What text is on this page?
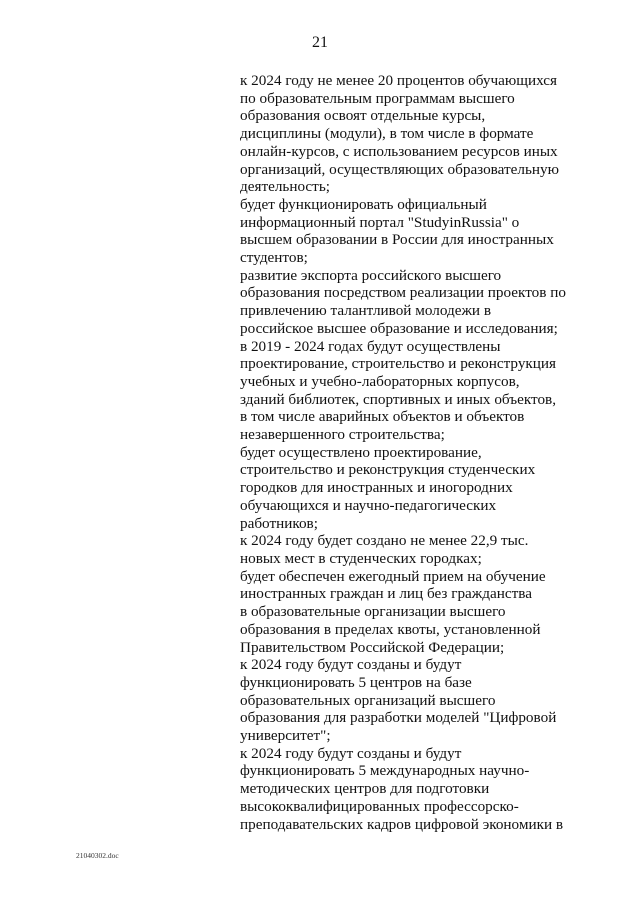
21
к 2024 году не менее 20 процентов обучающихся
по образовательным программам высшего
образования освоят отдельные курсы,
дисциплины (модули), в том числе в формате
онлайн-курсов, с использованием ресурсов иных
организаций, осуществляющих образовательную
деятельность;
будет функционировать официальный
информационный портал "StudyinRussia" о
высшем образовании в России для иностранных
студентов;
развитие экспорта российского высшего
образования посредством реализации проектов по
привлечению талантливой молодежи в
российское высшее образование и исследования;
в 2019 - 2024 годах будут осуществлены
проектирование, строительство и реконструкция
учебных и учебно-лабораторных корпусов,
зданий библиотек, спортивных и иных объектов,
в том числе аварийных объектов и объектов
незавершенного строительства;
будет осуществлено проектирование,
строительство и реконструкция студенческих
городков для иностранных и иногородних
обучающихся и научно-педагогических
работников;
к 2024 году будет создано не менее 22,9 тыс.
новых мест в студенческих городках;
будет обеспечен ежегодный прием на обучение
иностранных граждан и лиц без гражданства
в образовательные организации высшего
образования в пределах квоты, установленной
Правительством Российской Федерации;
к 2024 году будут созданы и будут
функционировать 5 центров на базе
образовательных организаций высшего
образования для разработки моделей "Цифровой
университет";
к 2024 году будут созданы и будут
функционировать 5 международных научно-
методических центров для подготовки
высококвалифицированных профессорско-
преподавательских кадров цифровой экономики в
21040302.doc
